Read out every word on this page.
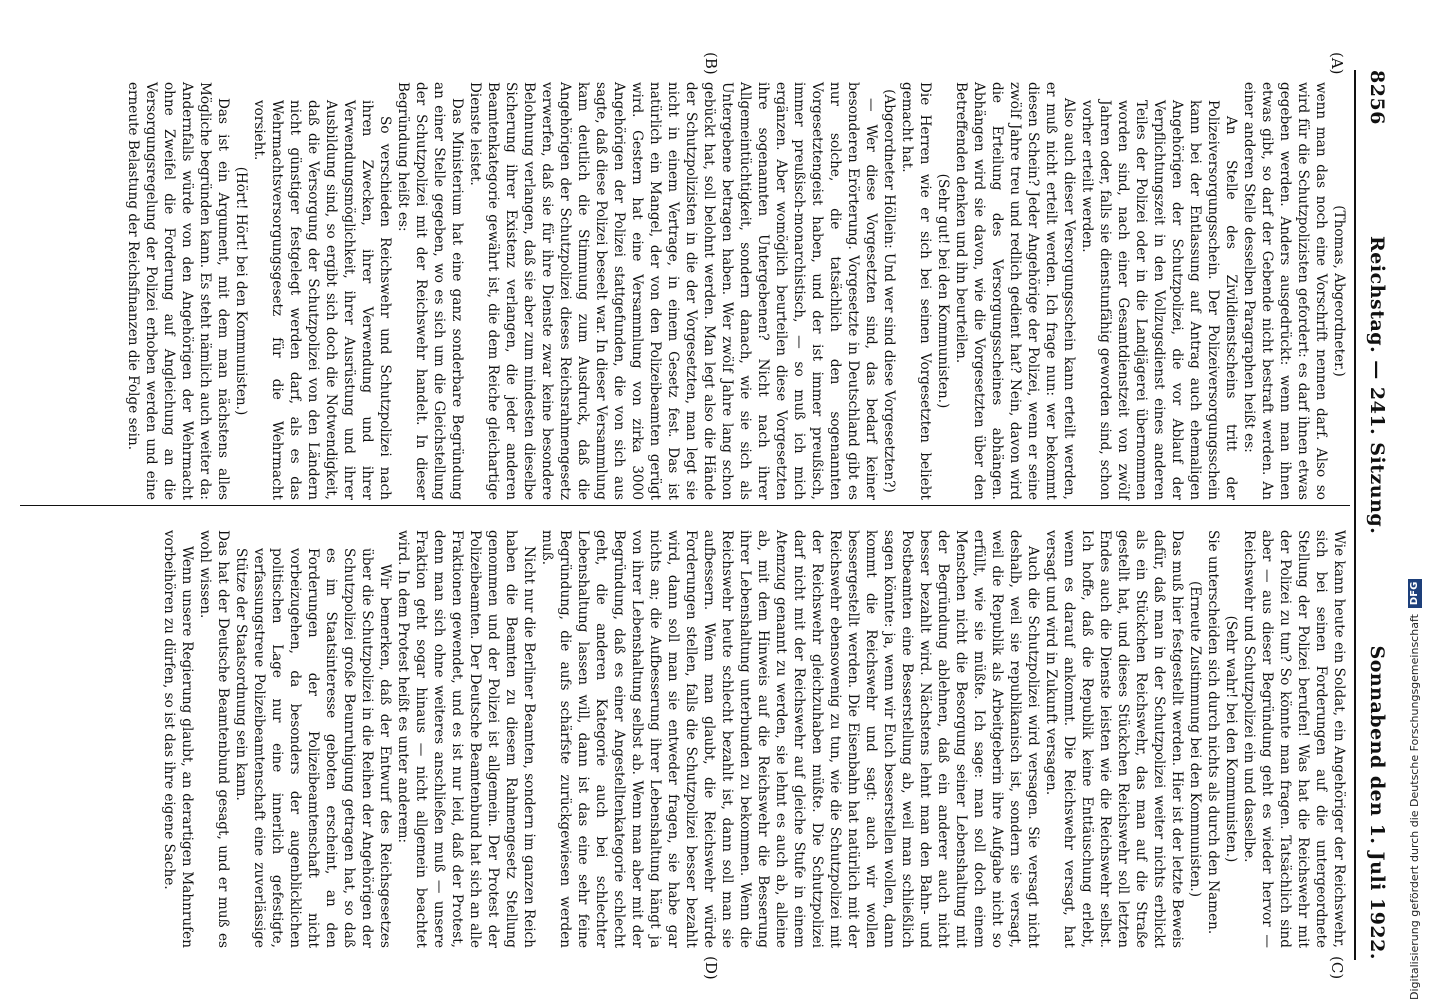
8256
Reichstag. — 241. Sitzung.
Sonnabend den 1. Juli 1922.
(A)
(B)
(C)
(D)

(Thomas, Abgeordneter.)

wenn man das noch eine Vorschrift nennen darf. Also so wird für die Schutzpolizisten gefordert: es darf ihnen etwas gegeben werden. Anders ausgedrückt: wenn man ihnen etwas gibt, so darf der Gebende nicht bestraft werden. An einer anderen Stelle desselben Paragraphen heißt es:

An Stelle des Zivildienstscheins tritt der Polizeiversorgungsschein. Der Polizeiversorgungsschein kann bei der Entlassung auf Antrag auch ehemaligen Angehörigen der Schutzpolizei, die vor Ablauf der Verpflichtungszeit in den Vollzugsdienst eines anderen Teiles der Polizei oder in die Landjägerei übernommen worden sind, nach einer Gesamtdienstzeit von zwölf Jahren oder, falls sie dienstunfähig geworden sind, schon vorher erteilt werden.

Also auch dieser Versorgungsschein kann erteilt werden, er muß nicht erteilt werden. Ich frage nun: wer bekommt diesen Schein? Jeder Angehörige der Polizei, wenn er seine zwölf Jahre treu und redlich gedient hat? Nein, davon wird die Erteilung des Versorgungsscheines abhängen. Abhängen wird sie davon, wie die Vorgesetzten über den Betreffenden denken und ihn beurteilen.

(Sehr gut! bei den Kommunisten.)

Die Herren wie er sich bei seinen Vorgesetzten beliebt gemacht hat.

(Abgeordneter Höllein: Und wer sind diese Vorgesetzten?)

— Wer diese Vorgesetzten sind, das bedarf keiner besonderen Erörterung. Vorgesetzte in Deutschland gibt es nur solche, die tatsächlich den sogenannten Vorgesetztengeist haben, und der ist immer preußisch, immer preußisch-monarchistisch, — so muß ich mich ergänzen. Aber womöglich beurteilen diese Vorgesetzten ihre sogenannten Untergebenen? Nicht nach ihrer Allgemeintüchtigkeit, sondern danach, wie sie sich als Untergebene betragen haben. Wer zwölf Jahre lang schon gebückt hat, soll belohnt werden. Man legt also die Hände der Schutzpolizisten in die der Vorgesetzten, man legt sie nicht in einem Vertrage, in einem Gesetz fest. Das ist natürlich ein Mangel, der von den Polizeibeamten gerügt wird. Gestern hat eine Versammlung von zirka 3000 Angehörigen der Polizei stattgefunden, die von sich aus sagte, daß diese Polizei beseelt war. In dieser Versammlung kam deutlich die Stimmung zum Ausdruck, daß die Angehörigen der Schutzpolizei dieses Reichsrahmengesetz verwerfen, daß sie für ihre Dienste zwar keine besondere Belohnung verlangen, daß sie aber zum mindesten dieselbe Sicherung ihrer Existenz verlangen, die jeder anderen Beamtenkategorie gewährt ist, die dem Reiche gleichartige Dienste leistet.

Das Ministerium hat eine ganz sonderbare Begründung an einer Stelle gegeben, wo es sich um die Gleichstellung der Schutzpolizei mit der Reichswehr handelt. In dieser Begründung heißt es:

So verschieden Reichswehr und Schutzpolizei nach ihren Zwecken, ihrer Verwendung und ihrer Verwendungsmöglichkeit, ihrer Ausrüstung und ihrer Ausbildung sind, so ergibt sich doch die Notwendigkeit, daß die Versorgung der Schutzpolizei von den Ländern nicht günstiger festgelegt werden darf, als es das Wehrmachtsversorgungsgesetz für die Wehrmacht vorsieht.

(Hört! Hört! bei den Kommunisten.)

Das ist ein Argument, mit dem man nächstens alles Mögliche begründen kann. Es steht nämlich auch weiter da: Andernfalls würde von den Angehörigen der Wehrmacht ohne Zweifel die Forderung auf Angleichung an die Versorgungsregelung der Polizei erhoben werden und eine erneute Belastung der Reichsfinanzen die Folge sein.

Wie kann heute ein Soldat, ein Angehöriger der Reichswehr, sich bei seinen Forderungen auf die untergeordnete Stellung der Polizei berufen! Was hat die Reichswehr mit der Polizei zu tun? So könnte man fragen. Tatsächlich sind aber — aus dieser Begründung geht es wieder hervor — Reichswehr und Schutzpolizei ein und dasselbe.

(Sehr wahr! bei den Kommunisten.)

Sie unterscheiden sich durch nichts als durch den Namen.

(Erneute Zustimmung bei den Kommunisten.)

Das muß hier festgestellt werden. Hier ist der letzte Beweis dafür, daß man in der Schutzpolizei weiter nichts erblickt als ein Stückchen Reichswehr, das man auf die Straße gestellt hat, und dieses Stückchen Reichswehr soll letzten Endes auch die Dienste leisten wie die Reichswehr selbst. Ich hoffe, daß die Republik keine Enttäuschung erlebt, wenn es darauf ankommt. Die Reichswehr versagt, hat versagt und wird in Zukunft versagen.

Auch die Schutzpolizei wird versagen. Sie versagt nicht deshalb, weil sie republikanisch ist, sondern sie versagt, weil die Republik als Arbeitgeberin ihre Aufgabe nicht so erfüllt, wie sie müßte. Ich sage: man soll doch einem Menschen nicht die Besorgung seiner Lebenshaltung mit der Begründung ablehnen, daß ein anderer auch nicht besser bezahlt wird. Nächstens lehnt man den Bahn- und Postbeamten eine Besserstellung ab, weil man schließlich sagen könnte: ja, wenn wir Euch besserstellen wollen, dann kommt die Reichswehr und sagt: auch wir wollen bessergestellt werden. Die Eisenbahn hat natürlich mit der Reichswehr ebensowenig zu tun, wie die Schutzpolizei mit der Reichswehr gleichzuhaben müßte. Die Schutzpolizei darf nicht mit der Reichswehr auf gleiche Stufe in einem Atemzug genannt zu werden, sie lehnt es auch ab, alleine ab, mit dem Hinweis auf die Reichswehr die Besserung ihrer Lebenshaltung unterbunden zu bekommen. Wenn die Reichswehr heute schlecht bezahlt ist, dann soll man sie aufbessern. Wenn man glaubt, die Reichswehr würde Forderungen stellen, falls die Schutzpolizei besser bezahlt wird, dann soll man sie entweder fragen, sie habe gar nichts an; die Aufbesserung ihrer Lebenshaltung hängt ja von ihrer Lebenshaltung selbst ab. Wenn man aber mit der Begründung, daß es einer Angestelltenkategorie schlecht geht, die anderen Kategorie auch bei schlechter Lebenshaltung lassen will, dann ist das eine sehr feine Begründung, die aufs schärfste zurückgewiesen werden muß.

Nicht nur die Berliner Beamten, sondern im ganzen Reich haben die Beamten zu diesem Rahmengesetz Stellung genommen und der Polizei ist allgemein. Der Protest der Polizeibeamten. Der Deutsche Beamtenbund hat sich an alle Fraktionen gewendet, und es ist nur leid, daß der Protest, denn man sich ohne weiteres anschließen muß — unsere Fraktion geht sogar hinaus — nicht allgemein beachtet wird. In dem Protest heißt es unter anderem:

Wir bemerken, daß der Entwurf des Reichsgesetzes über die Schutzpolizei in die Reihen der Angehörigen der Schutzpolizei große Beunruhigung getragen hat, so daß es im Staatsinteresse geboten erscheint, an den Forderungen der Polizeibeamtenschaft nicht vorbeizugehen, da besonders der augenblicklichen politischen Lage nur eine innerlich gefestigte, verfassungstreue Polizeibeamtenschaft eine zuverlässige Stütze der Staatsordnung sein kann.

Das hat der Deutsche Beamtenbund gesagt, und er muß es wohl wissen.

Wenn unsere Regierung glaubt, an derartigen Mahnrufen vorbeihören zu dürfen, so ist das ihre eigene Sache.	Digitalisierung gefördert durch die Deutsche Forschungsgemeinschaft
DFG
